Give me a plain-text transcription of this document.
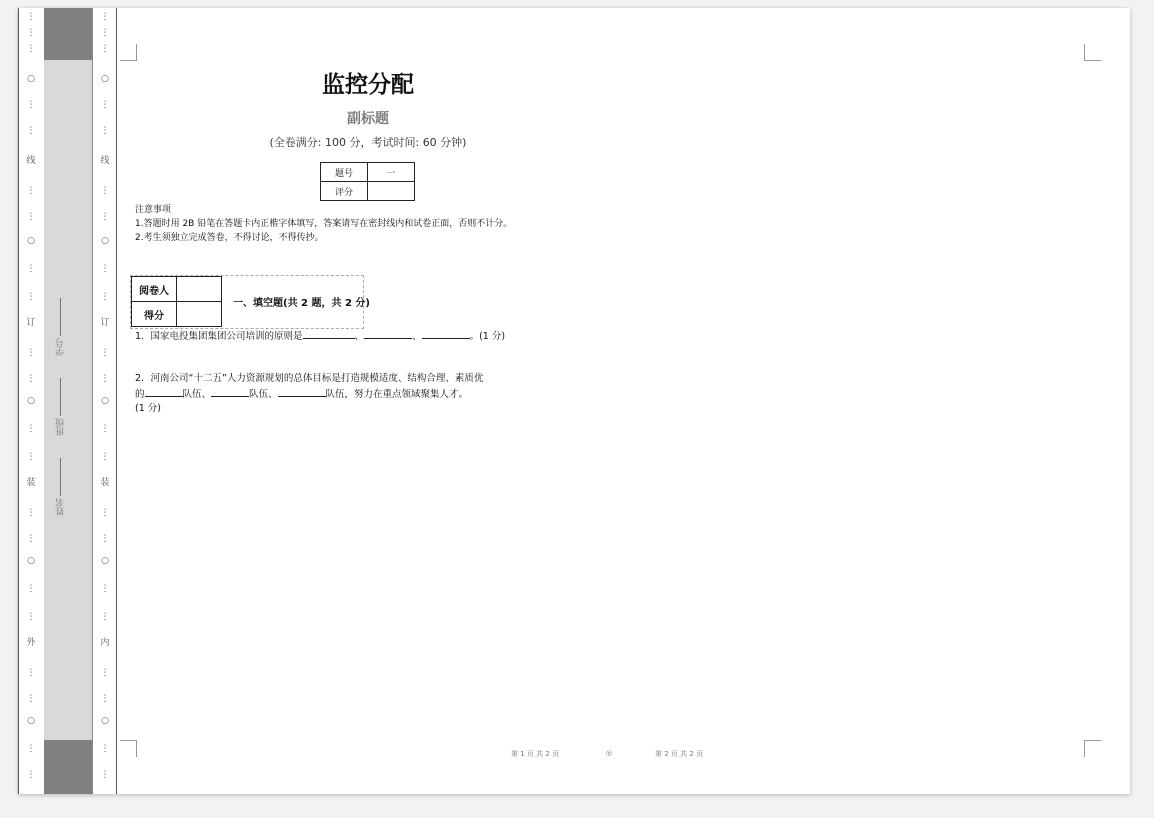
⋮
⋮
⋮
○
⋮
⋮
线
⋮
⋮
○
⋮
⋮
订
⋮
⋮
○
⋮
⋮
装
⋮
⋮
○
⋮
⋮
外
⋮
⋮
○
⋮
⋮
⋮
⋮
⋮
○
⋮
⋮
线
⋮
⋮
○
⋮
⋮
订
⋮
⋮
○
⋮
⋮
装
⋮
⋮
○
⋮
⋮
内
⋮
⋮
○
⋮
⋮
学号
班级
姓名
监控分配
副标题
(全卷满分: 100 分，考试时间: 60 分钟)
题号	一
评分	
注意事项
1.答题时用 2B 铅笔在答题卡内正楷字体填写，答案请写在密封线内和试卷正面，否则不计分。
2.考生须独立完成答卷，不得讨论，不得传抄。
阅卷人	
得分	
一、填空题(共 2 题，共 2 分)
1．国家电投集团集团公司培训的原则是	、	、	。(1 分)
2．河南公司“十二五”人力资源规划的总体目标是打造规模适度、结构合理、素质优
的	队伍、	队伍、	队伍，努力在重点领域聚集人才。
(1 分)
第 1 页 共 2 页	◎	第 2 页 共 2 页
